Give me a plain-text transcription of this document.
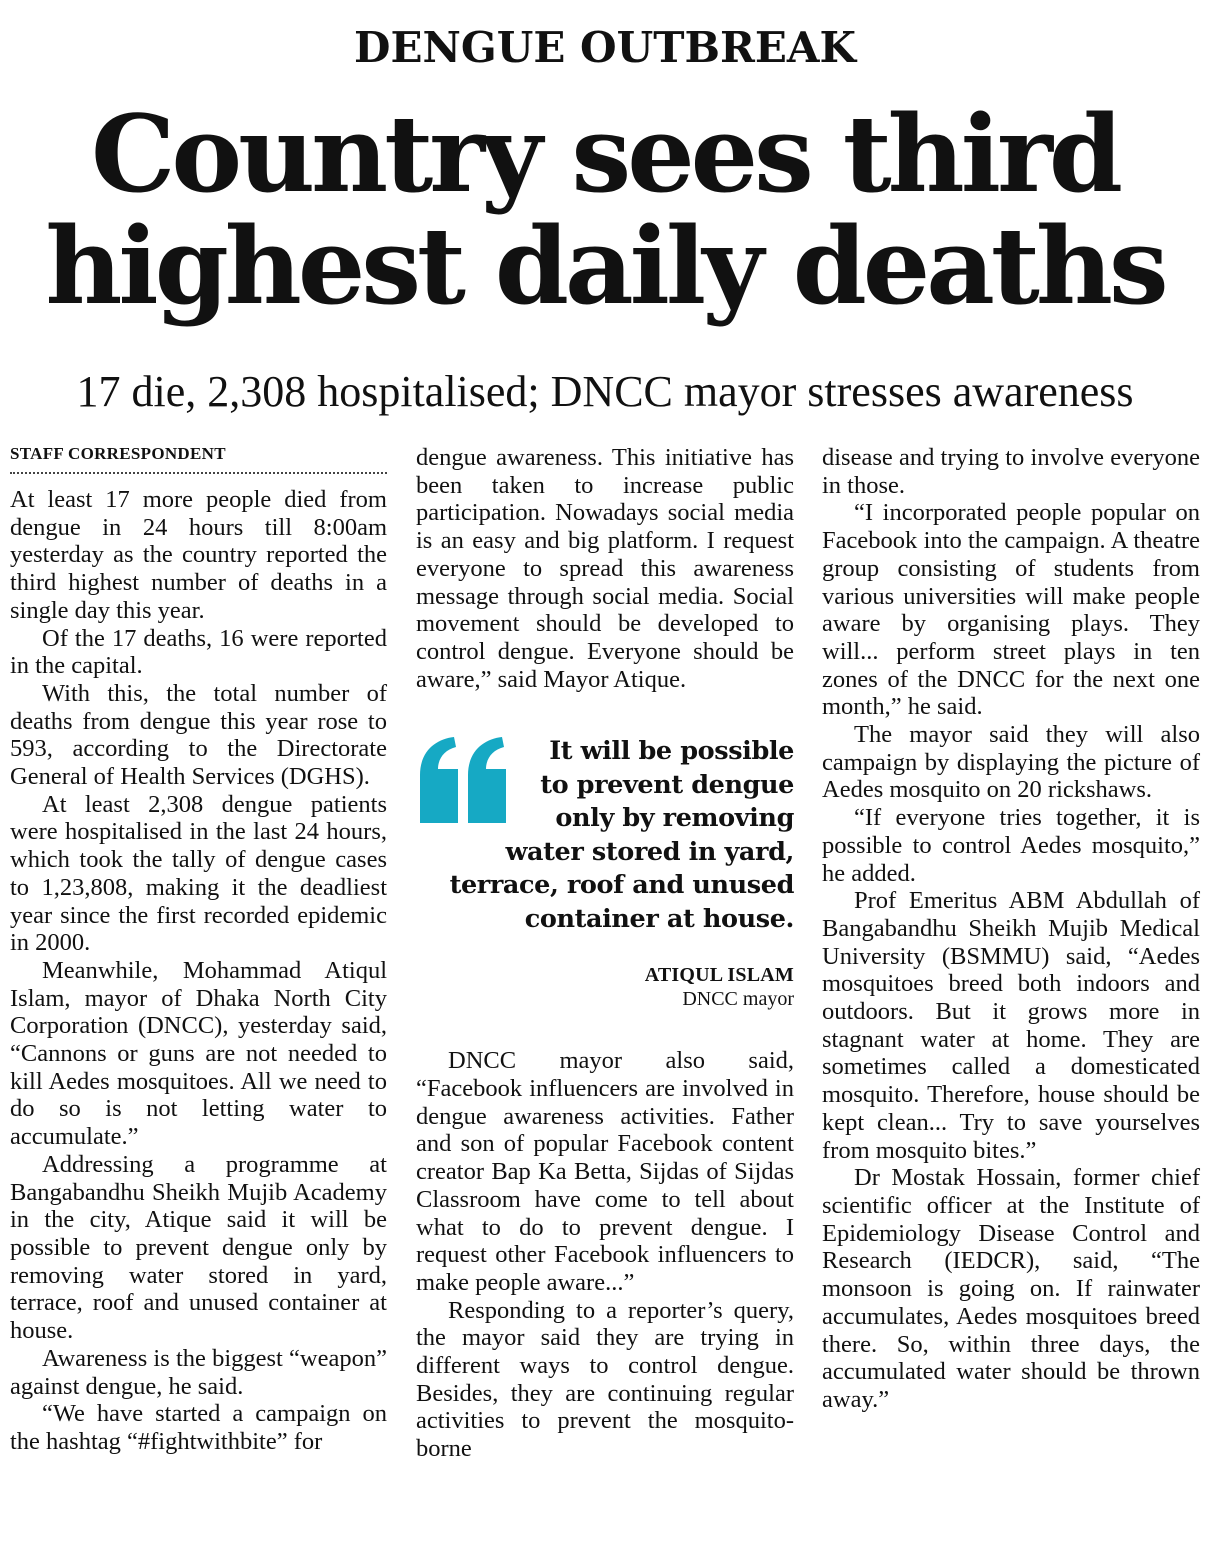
DENGUE OUTBREAK
Country sees third
highest daily deaths
17 die, 2,308 hospitalised; DNCC mayor stresses awareness
STAFF CORRESPONDENT

At least 17 more people died from dengue in 24 hours till 8:00am yesterday as the country reported the third highest number of deaths in a single day this year.

Of the 17 deaths, 16 were reported in the capital.

With this, the total number of deaths from dengue this year rose to 593, according to the Directorate General of Health Services (DGHS).

At least 2,308 dengue patients were hospitalised in the last 24 hours, which took the tally of dengue cases to 1,23,808, making it the deadliest year since the first recorded epidemic in 2000.

Meanwhile, Mohammad Atiqul Islam, mayor of Dhaka North City Corporation (DNCC), yesterday said, “Cannons or guns are not needed to kill Aedes mosquitoes. All we need to do so is not letting water to accumulate.”

Addressing a programme at Bangabandhu Sheikh Mujib Academy in the city, Atique said it will be possible to prevent dengue only by removing water stored in yard, terrace, roof and unused container at house.

Awareness is the biggest “weapon” against dengue, he said.

“We have started a campaign on the hashtag “#fightwithbite” for

dengue awareness. This initiative has been taken to increase public participation. Nowadays social media is an easy and big platform. I request everyone to spread this awareness message through social media. Social movement should be developed to control dengue. Everyone should be aware,” said Mayor Atique.

It will be possible
to prevent dengue
only by removing
water stored in yard,
terrace, roof and unused
container at house.
ATIQUL ISLAM
DNCC mayor

DNCC mayor also said, “Facebook influencers are involved in dengue awareness activities. Father and son of popular Facebook content creator Bap Ka Betta, Sijdas of Sijdas Classroom have come to tell about what to do to prevent dengue. I request other Facebook influencers to make people aware...”

Responding to a reporter’s query, the mayor said they are trying in different ways to control dengue. Besides, they are continuing regular activities to prevent the mosquito-borne

disease and trying to involve everyone in those.

“I incorporated people popular on Facebook into the campaign. A theatre group consisting of students from various universities will make people aware by organising plays. They will... perform street plays in ten zones of the DNCC for the next one month,” he said.

The mayor said they will also campaign by displaying the picture of Aedes mosquito on 20 rickshaws.

“If everyone tries together, it is possible to control Aedes mosquito,” he added.

Prof Emeritus ABM Abdullah of Bangabandhu Sheikh Mujib Medical University (BSMMU) said, “Aedes mosquitoes breed both indoors and outdoors. But it grows more in stagnant water at home. They are sometimes called a domesticated mosquito. Therefore, house should be kept clean... Try to save yourselves from mosquito bites.”

Dr Mostak Hossain, former chief scientific officer at the Institute of Epidemiology Disease Control and Research (IEDCR), said, “The monsoon is going on. If rainwater accumulates, Aedes mosquitoes breed there. So, within three days, the accumulated water should be thrown away.”
